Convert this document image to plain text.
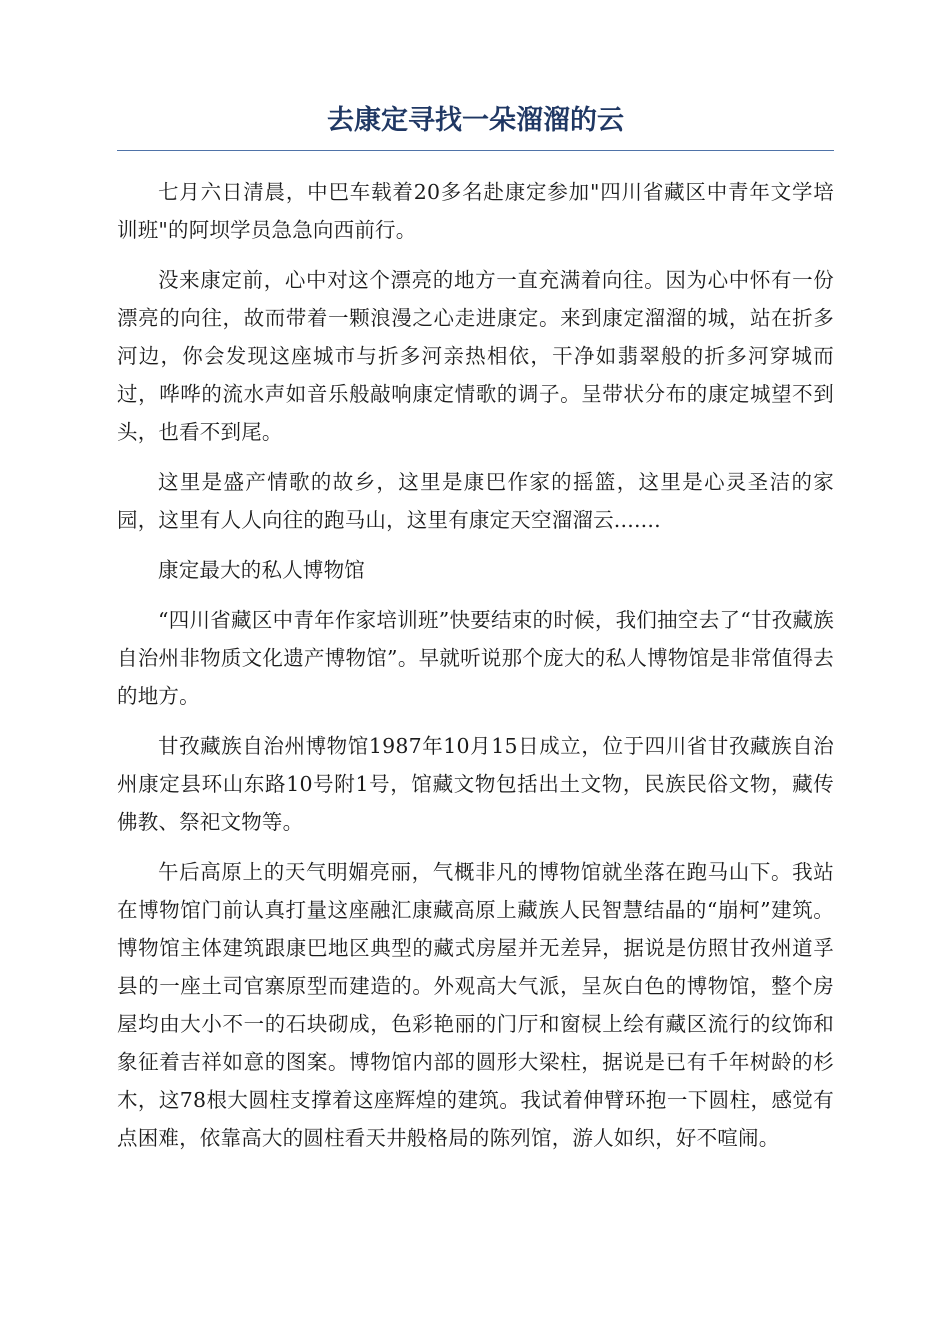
去康定寻找一朵溜溜的云

七月六日清晨，中巴车载着20多名赴康定参加"四川省藏区中青年文学培训班"的阿坝学员急急向西前行。

没来康定前，心中对这个漂亮的地方一直充满着向往。因为心中怀有一份漂亮的向往，故而带着一颗浪漫之心走进康定。来到康定溜溜的城，站在折多河边，你会发现这座城市与折多河亲热相依，干净如翡翠般的折多河穿城而过，哗哗的流水声如音乐般敲响康定情歌的调子。呈带状分布的康定城望不到头，也看不到尾。

这里是盛产情歌的故乡，这里是康巴作家的摇篮，这里是心灵圣洁的家园，这里有人人向往的跑马山，这里有康定天空溜溜云.......

康定最大的私人博物馆

“四川省藏区中青年作家培训班”快要结束的时候，我们抽空去了“甘孜藏族自治州非物质文化遗产博物馆”。早就听说那个庞大的私人博物馆是非常值得去的地方。

甘孜藏族自治州博物馆1987年10月15日成立，位于四川省甘孜藏族自治州康定县环山东路10号附1号，馆藏文物包括出土文物，民族民俗文物，藏传佛教、祭祀文物等。

午后高原上的天气明媚亮丽，气概非凡的博物馆就坐落在跑马山下。我站在博物馆门前认真打量这座融汇康藏高原上藏族人民智慧结晶的“崩柯”建筑。博物馆主体建筑跟康巴地区典型的藏式房屋并无差异，据说是仿照甘孜州道孚县的一座土司官寨原型而建造的。外观高大气派，呈灰白色的博物馆，整个房屋均由大小不一的石块砌成，色彩艳丽的门厅和窗棂上绘有藏区流行的纹饰和象征着吉祥如意的图案。博物馆内部的圆形大梁柱，据说是已有千年树龄的杉木，这78根大圆柱支撑着这座辉煌的建筑。我试着伸臂环抱一下圆柱，感觉有点困难，依靠高大的圆柱看天井般格局的陈列馆，游人如织，好不喧闹。
